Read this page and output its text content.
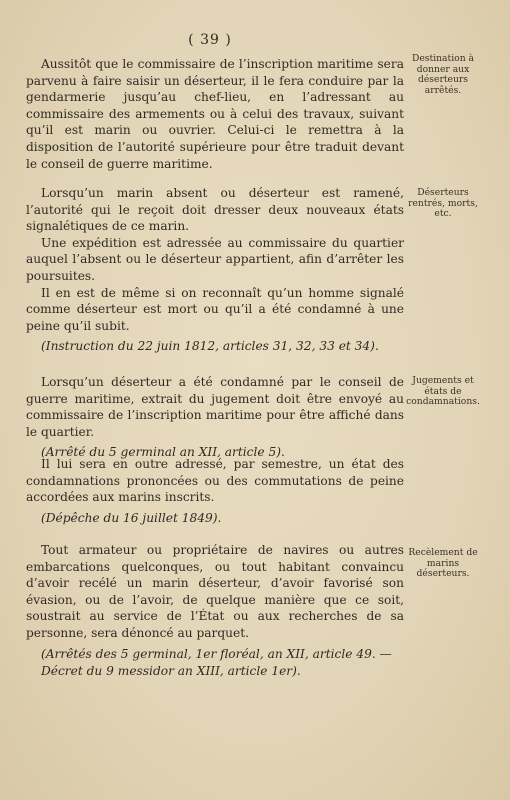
( 39 )

Aussitôt que le commissaire de l’inscription maritime sera parvenu à faire saisir un déserteur, il le fera conduire par la gendarmerie jusqu’au chef-lieu, en l’adressant au commissaire des armements ou à celui des travaux, suivant qu’il est marin ou ouvrier. Celui-ci le remettra à la disposition de l’autorité supérieure pour être traduit devant le conseil de guerre maritime.

Destination à donner aux déserteurs arrêtés.

Lorsqu’un marin absent ou déserteur est ramené, l’autorité qui le reçoit doit dresser deux nouveaux états signalétiques de ce marin.

Une expédition est adressée au commissaire du quartier auquel l’absent ou le déserteur appartient, afin d’arrêter les poursuites.

Il en est de même si on reconnaît qu’un homme signalé comme déserteur est mort ou qu’il a été condamné à une peine qu’il subit.

(Instruction du 22 juin 1812, articles 31, 32, 33 et 34).
Déserteurs rentrés, morts, etc.

Lorsqu’un déserteur a été condamné par le conseil de guerre maritime, extrait du jugement doit être envoyé au commissaire de l’inscription maritime pour être affiché dans le quartier.

(Arrêté du 5 germinal an XII, article 5).
Jugements et états de condamnations.

Il lui sera en outre adressé, par semestre, un état des condamnations prononcées ou des commutations de peine accordées aux marins inscrits.

(Dépêche du 16 juillet 1849).

Tout armateur ou propriétaire de navires ou autres embarcations quelconques, ou tout habitant convaincu d’avoir recélé un marin déserteur, d’avoir favorisé son évasion, ou de l’avoir, de quelque manière que ce soit, soustrait au service de l’État ou aux recherches de sa personne, sera dénoncé au parquet.

(Arrêtés des 5 germinal, 1er floréal, an XII, article 49. — Décret du 9 messidor an XIII, article 1er).
Recèlement de marins déserteurs.
